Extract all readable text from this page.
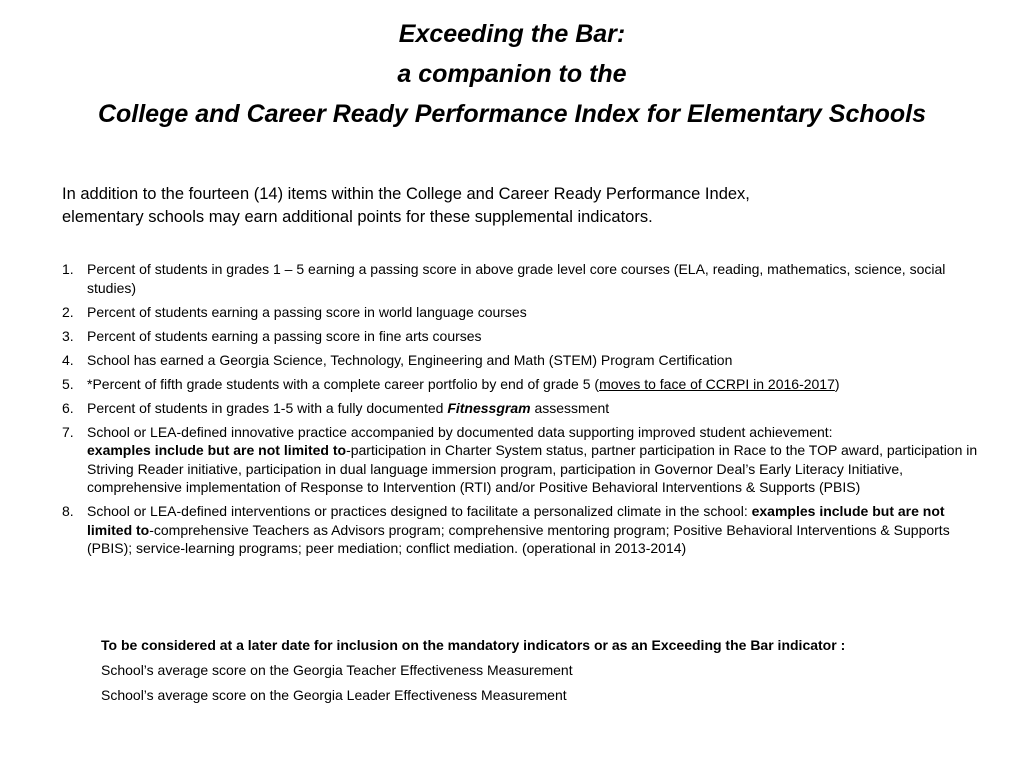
Exceeding the Bar:
a companion to the
College and Career Ready Performance Index for Elementary Schools

In addition to the fourteen (14) items within the College and Career Ready Performance Index,

elementary schools may earn additional points for these supplemental indicators.

1. Percent of students in grades 1 – 5 earning a passing score in above grade level core courses (ELA, reading, mathematics, science, social studies)
2. Percent of students earning a passing score in world language courses
3. Percent of students earning a passing score in fine arts courses
4. School has earned a Georgia Science, Technology, Engineering and Math (STEM) Program Certification
5. *Percent of fifth grade students with a complete career portfolio by end of grade 5 (moves to face of CCRPI in 2016-2017)
6. Percent of students in grades 1-5 with a fully documented Fitnessgram assessment
7. School or LEA-defined innovative practice accompanied by documented data supporting improved student achievement:
examples include but are not limited to-participation in Charter System status, partner participation in Race to the TOP award, participation in Striving Reader initiative, participation in dual language immersion program, participation in Governor Deal’s Early Literacy Initiative, comprehensive implementation of Response to Intervention (RTI) and/or Positive Behavioral Interventions & Supports (PBIS)
8. School or LEA-defined interventions or practices designed to facilitate a personalized climate in the school: examples include but are not limited to-comprehensive Teachers as Advisors program; comprehensive mentoring program; Positive Behavioral Interventions & Supports (PBIS); service-learning programs; peer mediation; conflict mediation. (operational in 2013-2014)

To be considered at a later date for inclusion on the mandatory indicators or as an Exceeding the Bar indicator :

School’s average score on the Georgia Teacher Effectiveness Measurement

School’s average score on the Georgia Leader Effectiveness Measurement
